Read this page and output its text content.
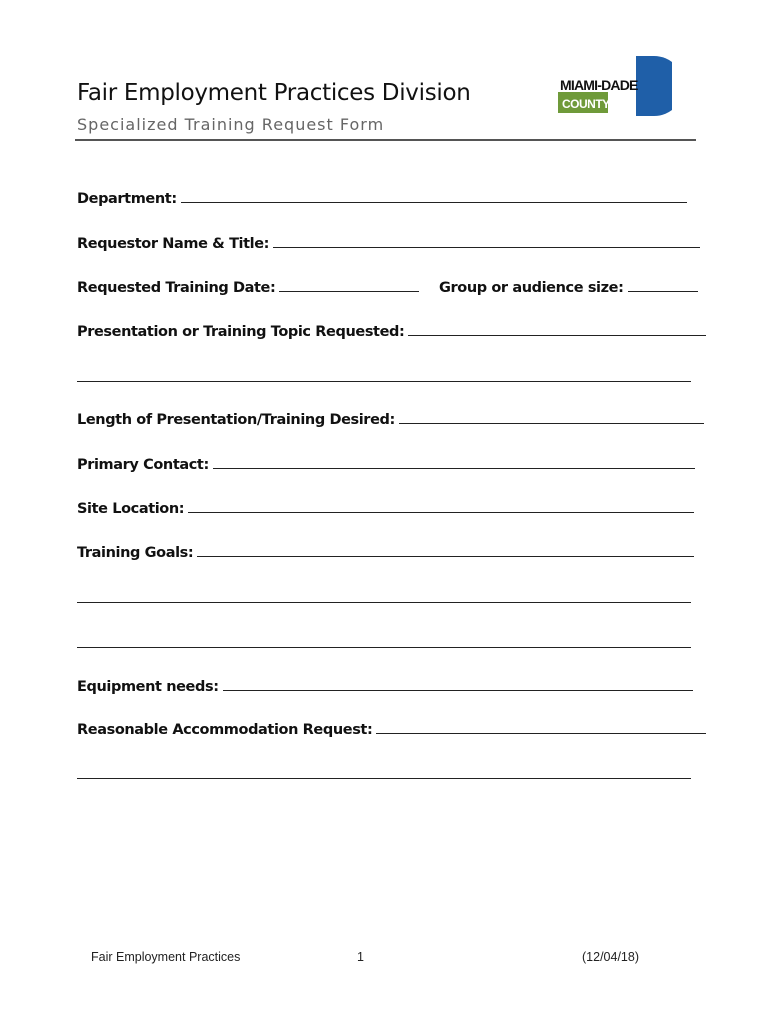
Fair Employment Practices Division
Specialized Training Request Form
MIAMI-DADE
COUNTY
Department:
Requestor Name & Title:
Requested Training Date:	Group or audience size:
Presentation or Training Topic Requested:
Length of Presentation/Training Desired:
Primary Contact:
Site Location:
Training Goals:
Equipment needs:
Reasonable Accommodation Request:
Fair Employment Practices	1	(12/04/18)
